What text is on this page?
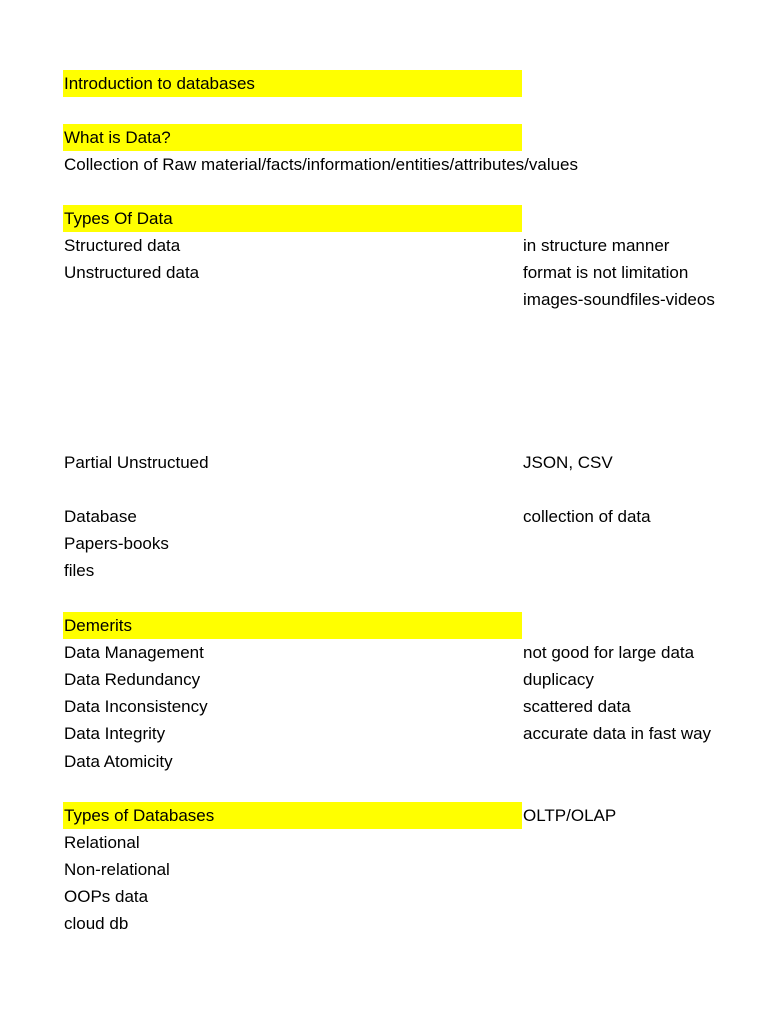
Introduction to databases
What is Data?
Collection of Raw material/facts/information/entities/attributes/values
Types Of Data
Structured data	in structure manner
Unstructured data	format is not limitation
images-soundfiles-videos
Partial Unstructued	JSON, CSV
Database	collection of data
Papers-books
files
Demerits
Data Management	not good for large data
Data Redundancy	duplicacy
Data Inconsistency	scattered data
Data Integrity	accurate data in fast way
Data Atomicity
Types of Databases	OLTP/OLAP
Relational
Non-relational
OOPs data
cloud db
